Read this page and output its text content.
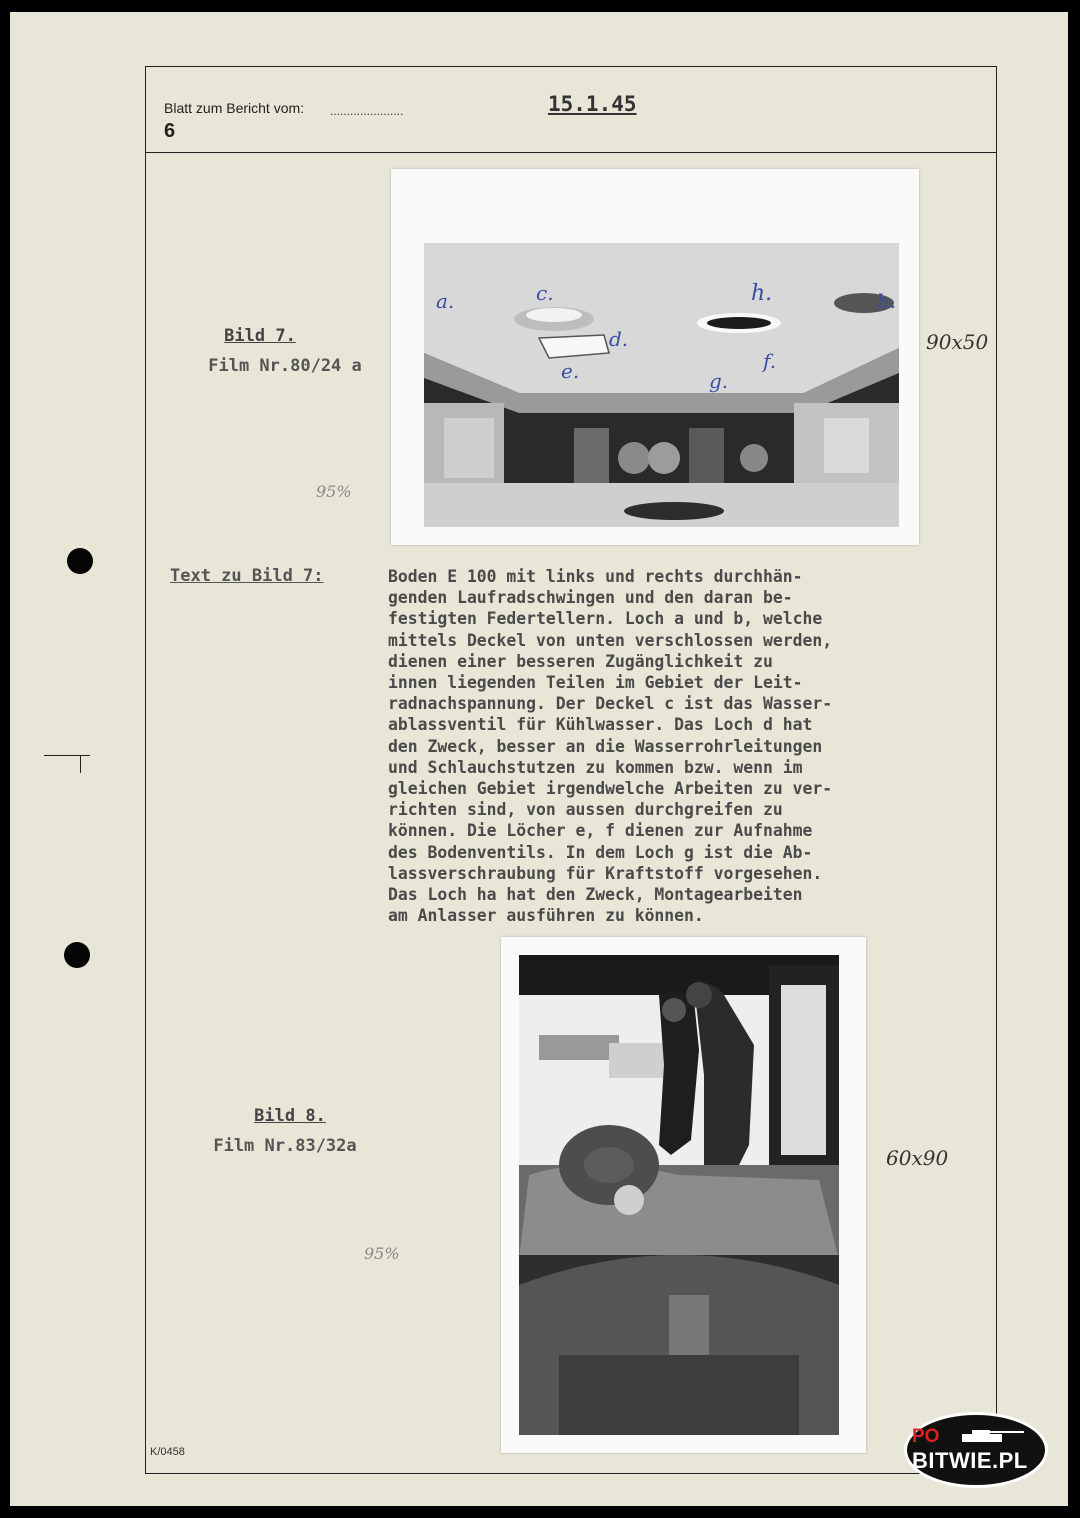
Blatt zum Bericht vom: ......................
6
15.1.45
Bild 7.
Film Nr.80/24 a
95%
a.	c.
d.
e.
h.	b.
g.
f.
90x50
Text zu Bild 7:	Boden E 100 mit links und rechts durchhän-
genden Laufradschwingen und den daran be-
festigten Federtellern. Loch a und b, welche
mittels Deckel von unten verschlossen werden,
dienen einer besseren Zugänglichkeit zu
innen liegenden Teilen im Gebiet der Leit-
radnachspannung. Der Deckel c ist das Wasser-
ablassventil für Kühlwasser. Das Loch d hat
den Zweck, besser an die Wasserrohrleitungen
und Schlauchstutzen zu kommen bzw. wenn im
gleichen Gebiet irgendwelche Arbeiten zu ver-
richten sind, von aussen durchgreifen zu
können. Die Löcher e, f dienen zur Aufnahme
des Bodenventils. In dem Loch g ist die Ab-
lassverschraubung für Kraftstoff vorgesehen.
Das Loch ha hat den Zweck, Montagearbeiten
am Anlasser ausführen zu können.
Bild 8.
Film Nr.83/32a
95%
60x90
K/0458
PO
BITWIE.PL
